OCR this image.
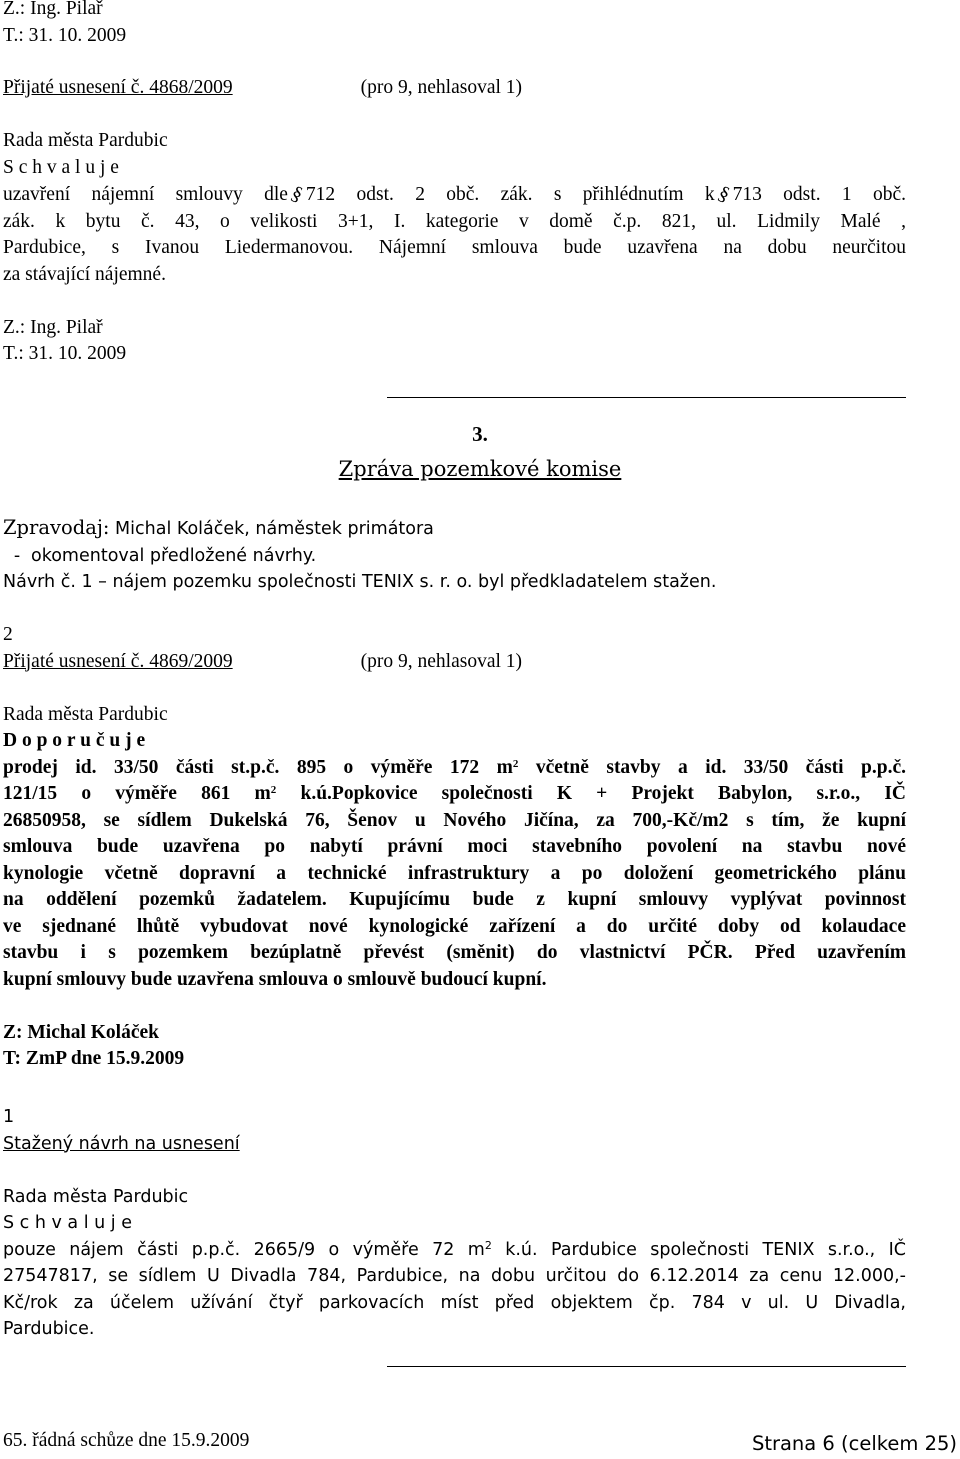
Z.: Ing. Pilař
T.: 31. 10. 2009
Přijaté usnesení č. 4868/2009	(pro 9, nehlasoval 1)
Rada města Pardubic
S c h v a l u j e
uzavření nájemní smlouvy dle§712 odst. 2 obč. zák. s přihlédnutím k§713 odst. 1 obč.
zák. k bytu č. 43, o velikosti 3+1, I. kategorie v domě č.p. 821, ul. Lidmily Malé ,
Pardubice, s Ivanou Liedermanovou. Nájemní smlouva bude uzavřena na dobu neurčitou
za stávající nájemné.
Z.: Ing. Pilař
T.: 31. 10. 2009
3.
Zpráva pozemkové komise
Zpravodaj: Michal Koláček, náměstek primátora
- okomentoval předložené návrhy.
Návrh č. 1 – nájem pozemku společnosti TENIX s. r. o. byl předkladatelem stažen.
2
Přijaté usnesení č. 4869/2009	(pro 9, nehlasoval 1)
Rada města Pardubic
D o p o r u č u j e
prodej id. 33/50 části st.p.č. 895 o výměře 172 $m^2$ včetně stavby a id. 33/50 části p.p.č.
121/15 o výměře 861 $m^2$ k.ú.Popkovice společnosti K + Projekt Babylon, s.r.o., IČ
26850958, se sídlem Dukelská 76, Šenov u Nového Jičína, za 700,-Kč/m2 s tím, že kupní
smlouva bude uzavřena po nabytí právní moci stavebního povolení na stavbu nové
kynologie včetně dopravní a technické infrastruktury a po doložení geometrického plánu
na oddělení pozemků žadatelem. Kupujícímu bude z kupní smlouvy vyplývat povinnost
ve sjednané lhůtě vybudovat nové kynologické zařízení a do určité doby od kolaudace
stavbu i s pozemkem bezúplatně převést (směnit) do vlastnictví PČR. Před uzavřením
kupní smlouvy bude uzavřena smlouva o smlouvě budoucí kupní.
Z: Michal Koláček
T: ZmP dne 15.9.2009
1
Stažený návrh na usnesení
Rada města Pardubic
S c h v a l u j e
pouze nájem části p.p.č. 2665/9 o výměře 72 $m^2$ k.ú. Pardubice společnosti TENIX s.r.o., IČ
27547817, se sídlem U Divadla 784, Pardubice, na dobu určitou do 6.12.2014 za cenu 12.000,-
Kč/rok za účelem užívání čtyř parkovacích míst před objektem čp. 784 v ul. U Divadla,
Pardubice.
65. řádná schůze dne 15.9.2009	Strana 6 (celkem 25)
